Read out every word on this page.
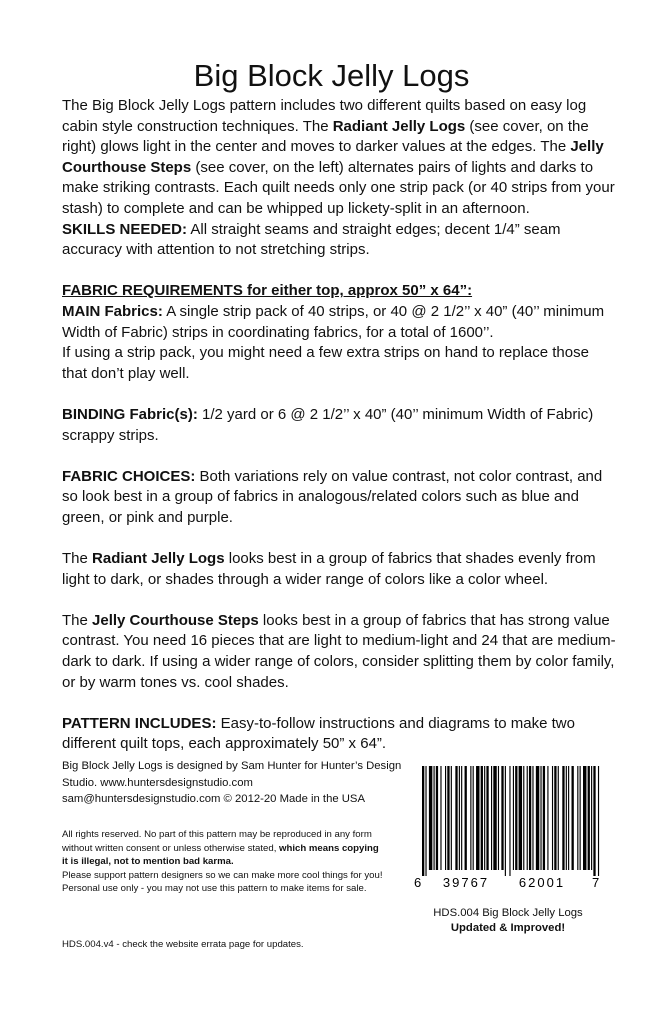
Big Block Jelly Logs

The Big Block Jelly Logs pattern includes two different quilts based on easy log cabin style construction techniques. The Radiant Jelly Logs (see cover, on the right) glows light in the center and moves to darker values at the edges. The Jelly Courthouse Steps (see cover, on the left) alternates pairs of lights and darks to make striking contrasts. Each quilt needs only one strip pack (or 40 strips from your stash) to complete and can be whipped up lickety-split in an afternoon.

SKILLS NEEDED: All straight seams and straight edges; decent 1/4” seam accuracy with attention to not stretching strips.

FABRIC REQUIREMENTS for either top, approx 50” x 64”:

MAIN Fabrics: A single strip pack of 40 strips, or 40 @ 2 1/2’’ x 40” (40’’ minimum Width of Fabric) strips in coordinating fabrics, for a total of 1600’’.

If using a strip pack, you might need a few extra strips on hand to replace those that don’t play well.

BINDING Fabric(s): 1/2 yard or 6 @ 2 1/2’’ x 40” (40’’ minimum Width of Fabric) scrappy strips.

FABRIC CHOICES: Both variations rely on value contrast, not color contrast, and so look best in a group of fabrics in analogous/related colors such as blue and green, or pink and purple.

The Radiant Jelly Logs looks best in a group of fabrics that shades evenly from light to dark, or shades through a wider range of colors like a color wheel.

The Jelly Courthouse Steps looks best in a group of fabrics that has strong value contrast. You need 16 pieces that are light to medium-light and 24 that are medium-dark to dark. If using a wider range of colors, consider splitting them by color family, or by warm tones vs. cool shades.

PATTERN INCLUDES: Easy-to-follow instructions and diagrams to make two different quilt tops, each approximately 50” x 64”.

Big Block Jelly Logs is designed by Sam Hunter for Hunter’s Design Studio. www.huntersdesignstudio.com
sam@huntersdesignstudio.com © 2012-20 Made in the USA

All rights reserved. No part of this pattern may be reproduced in any form without written consent or unless otherwise stated, which means copying it is illegal, not to mention bad karma.

Please support pattern designers so we can make more cool things for you!

Personal use only - you may not use this pattern to make items for sale.

HDS.004.v4 - check the website errata page for updates.
6 39767 62001 7
HDS.004 Big Block Jelly Logs
Updated & Improved!
